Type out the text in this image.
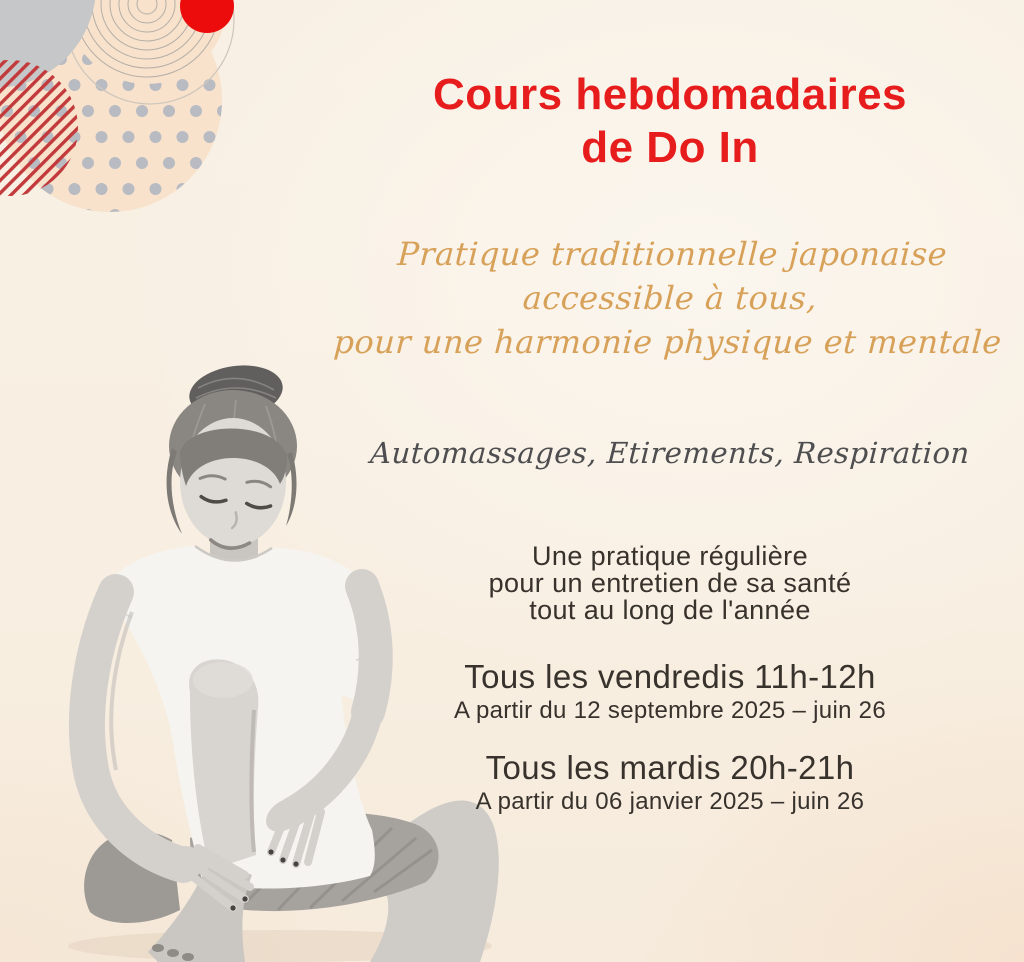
Cours hebdomadaires
de Do In

Pratique traditionnelle japonaise
accessible à tous,
pour une harmonie physique et mentale

Automassages, Etirements, Respiration

Une pratique régulière
pour un entretien de sa santé
tout au long de l'année

Tous les vendredis 11h-12h
A partir du 12 septembre 2025 – juin 26
Tous les mardis 20h-21h
A partir du 06 janvier 2025 – juin 26
